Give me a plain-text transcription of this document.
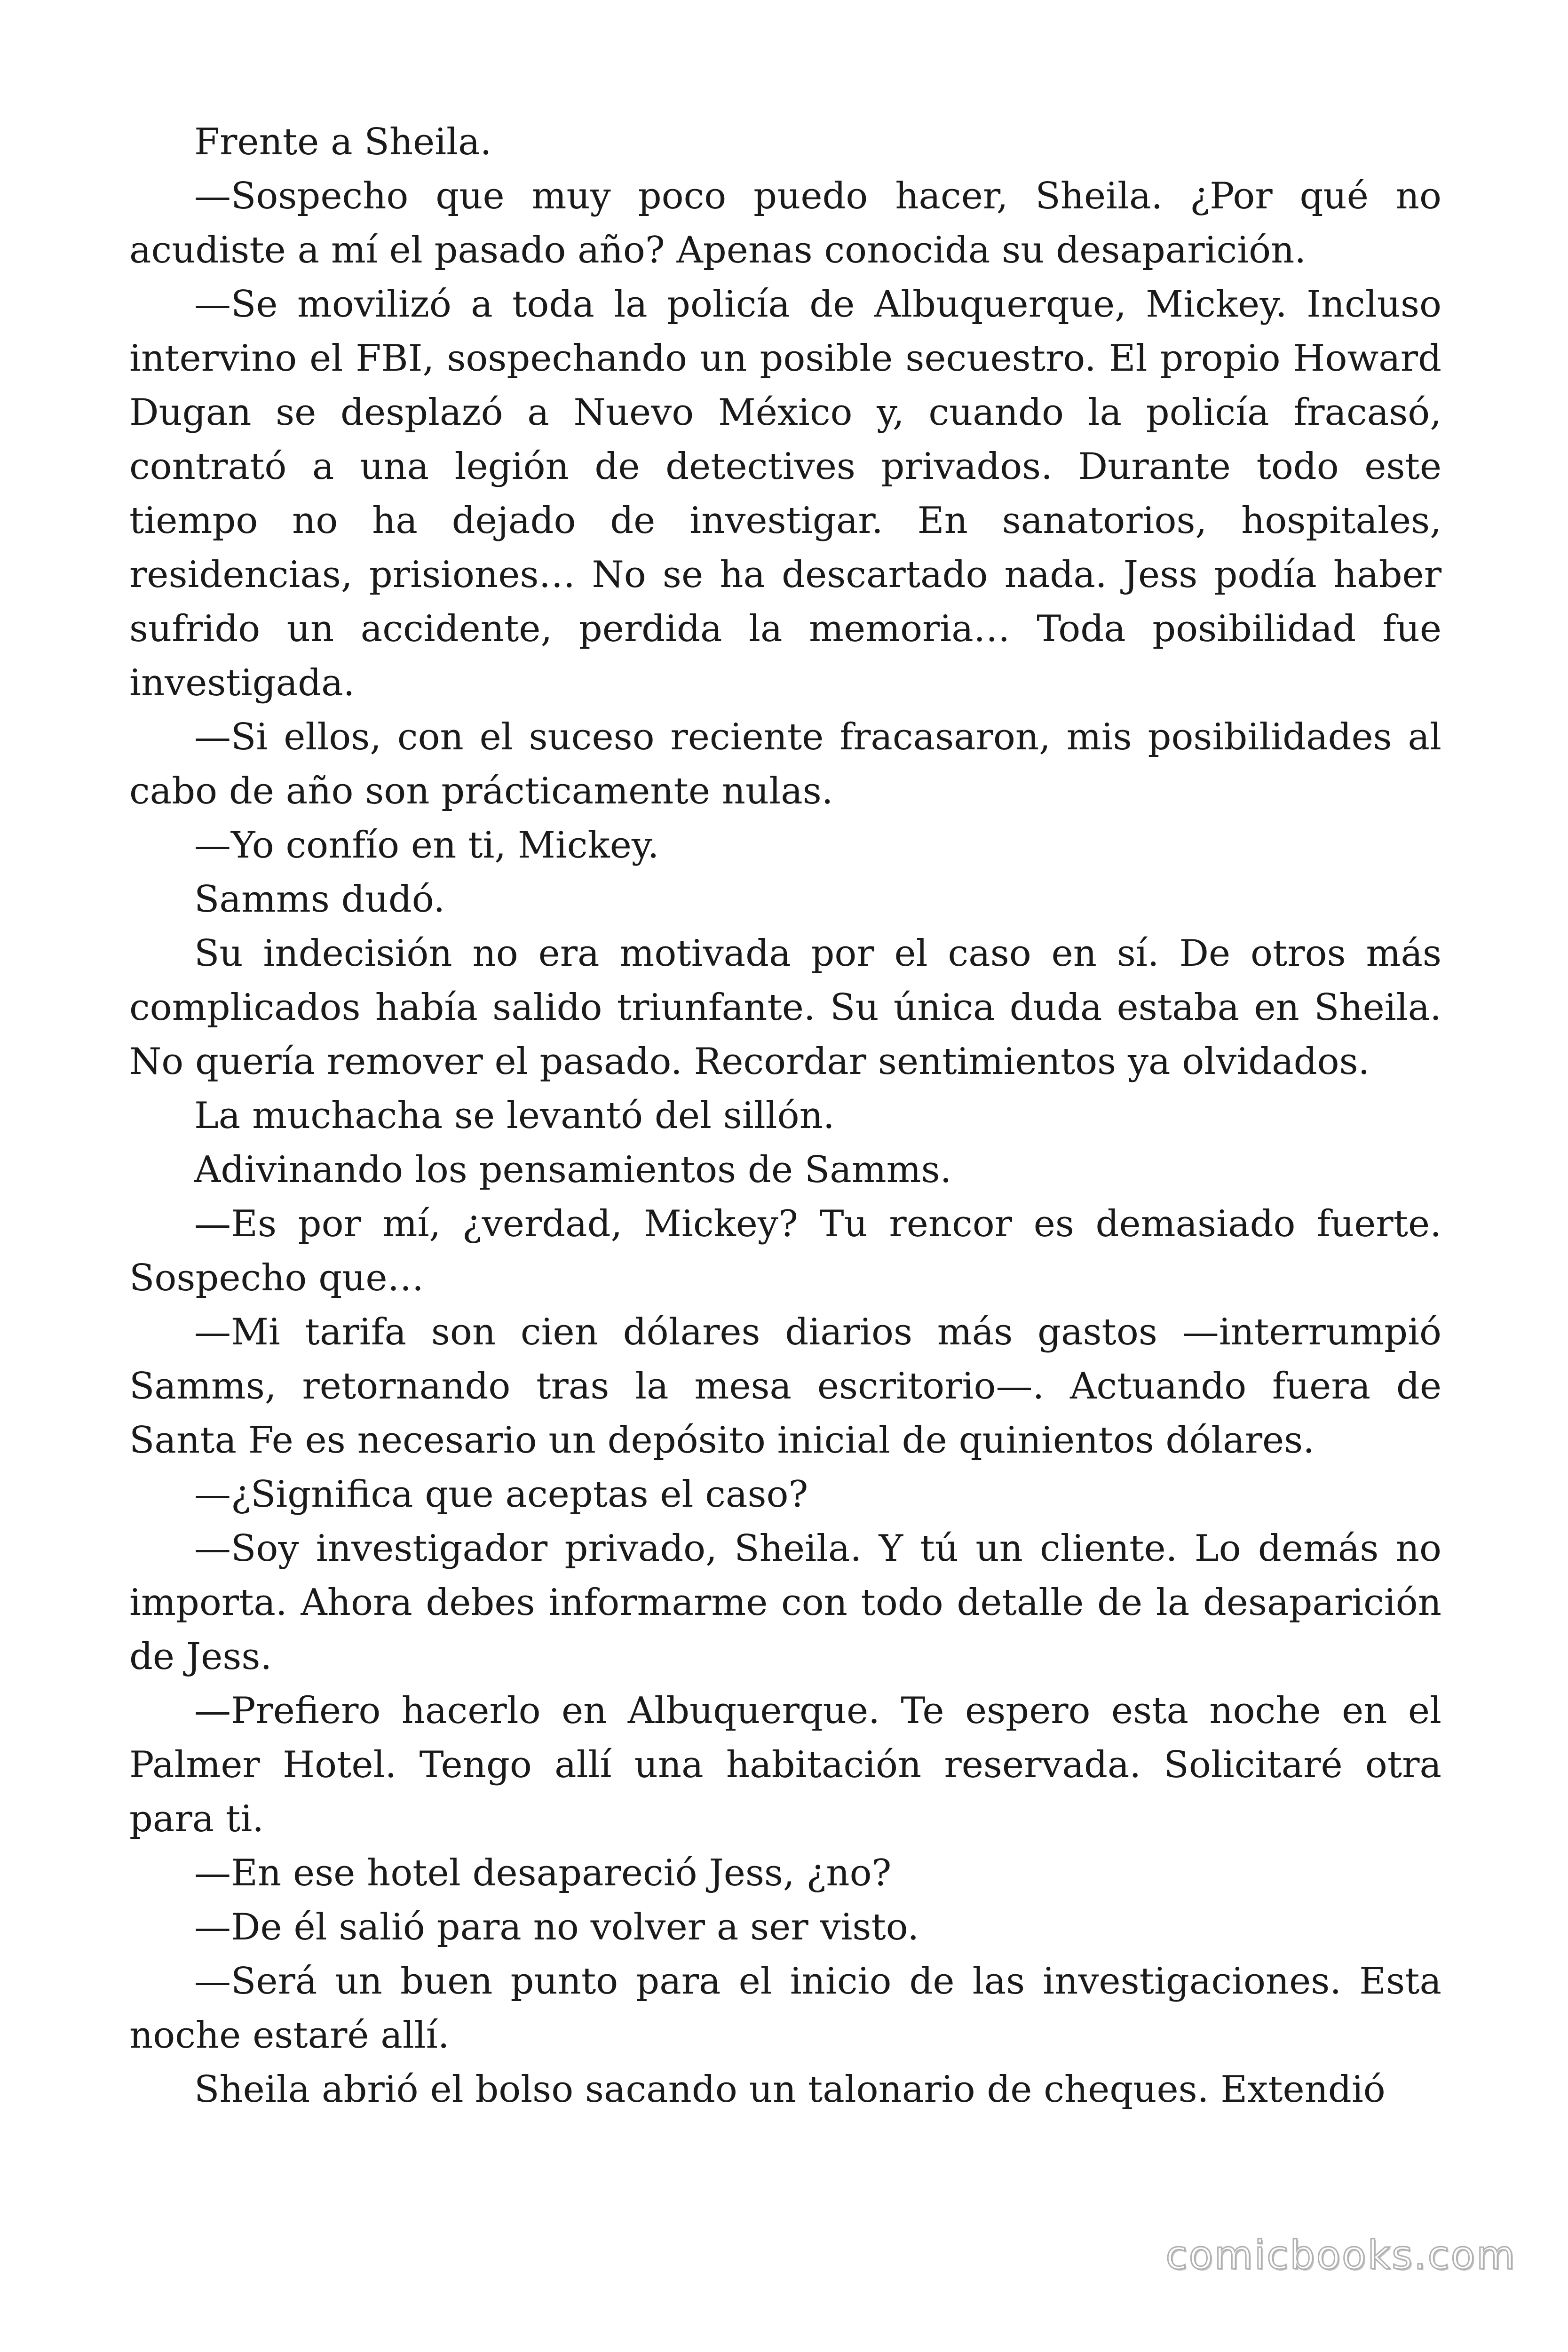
Frente a Sheila.

—Sospecho que muy poco puedo hacer, Sheila. ¿Por qué no acudiste a mí el pasado año? Apenas conocida su desaparición.

—Se movilizó a toda la policía de Albuquerque, Mickey. Incluso intervino el FBI, sospechando un posible secuestro. El propio Howard Dugan se desplazó a Nuevo México y, cuando la policía fracasó, contrató a una legión de detectives privados. Durante todo este tiempo no ha dejado de investigar. En sanatorios, hospitales, residencias, prisiones… No se ha descartado nada. Jess podía haber sufrido un accidente, perdida la memoria… Toda posibilidad fue investigada.

—Si ellos, con el suceso reciente fracasaron, mis posibilidades al cabo de año son prácticamente nulas.

—Yo confío en ti, Mickey.

Samms dudó.

Su indecisión no era motivada por el caso en sí. De otros más complicados había salido triunfante. Su única duda estaba en Sheila. No quería remover el pasado. Recordar sentimientos ya olvidados.

La muchacha se levantó del sillón.

Adivinando los pensamientos de Samms.

—Es por mí, ¿verdad, Mickey? Tu rencor es demasiado fuerte. Sospecho que…

—Mi tarifa son cien dólares diarios más gastos —interrumpió Samms, retornando tras la mesa escritorio—. Actuando fuera de Santa Fe es necesario un depósito inicial de quinientos dólares.

—¿Significa que aceptas el caso?

—Soy investigador privado, Sheila. Y tú un cliente. Lo demás no importa. Ahora debes informarme con todo detalle de la desaparición de Jess.

—Prefiero hacerlo en Albuquerque. Te espero esta noche en el Palmer Hotel. Tengo allí una habitación reservada. Solicitaré otra para ti.

—En ese hotel desapareció Jess, ¿no?

—De él salió para no volver a ser visto.

—Será un buen punto para el inicio de las investigaciones. Esta noche estaré allí.

Sheila abrió el bolso sacando un talonario de cheques. Extendió

comicbooks.com
